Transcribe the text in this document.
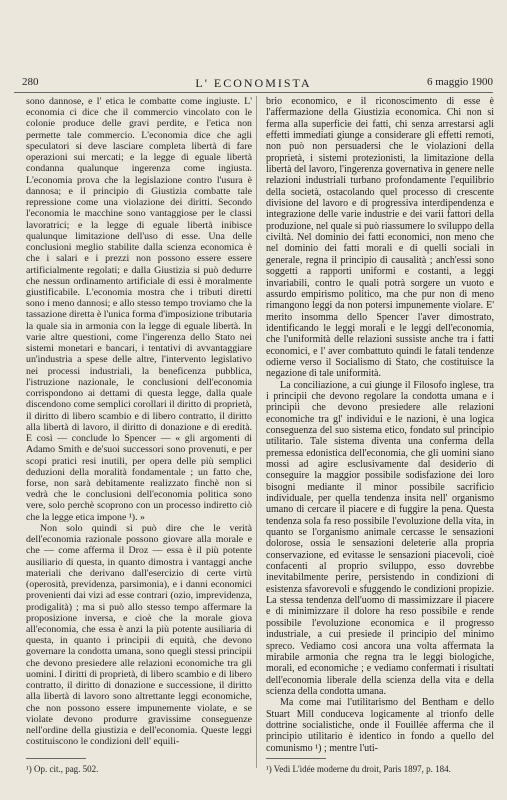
280	L' ECONOMISTA	6 maggio 1900

sono dannose, e l' etica le combatte come ingiuste. L' economia ci dice che il commercio vincolato con le colonie produce delle gravi perdite, e l'etica non permette tale commercio. L'economia dice che agli speculatori si deve lasciare completa libertà di fare operazioni sui mercati; e la legge di eguale libertà condanna qualunque ingerenza come ingiusta. L'economia prova che la legislazione contro l'usura è dannosa; e il principio di Giustizia combatte tale repressione come una violazione dei diritti. Secondo l'economia le macchine sono vantaggiose per le classi lavoratrici; e la legge di eguale libertà inibisce qualunque limitazione dell'uso di esse. Una delle conclusioni meglio stabilite dalla scienza economica è che i salari e i prezzi non possono essere essere artificialmente regolati; e dalla Giustizia si può dedurre che nessun ordinamento artificiale di essi è moralmente giustificabile. L'economia mostra che i tributi diretti sono i meno dannosi; e allo stesso tempo troviamo che la tassazione diretta è l'unica forma d'imposizione tributaria la quale sia in armonia con la legge di eguale libertà. In varie altre questioni, come l'ingerenza dello Stato nei sistemi monetari e bancari, i tentativi di avvantaggiare un'industria a spese delle altre, l'intervento legislativo nei processi industriali, la beneficenza pubblica, l'istruzione nazionale, le conclusioni dell'economia corrispondono ai dettami di questa legge, dalla quale discendono come semplici corollari il diritto di proprietà, il diritto di libero scambio e di libero contratto, il diritto alla libertà di lavoro, il diritto di donazione e di eredità. E così — conclude lo Spencer — « gli argomenti di Adamo Smith e de'suoi successori sono provenuti, e per scopi pratici resi inutili, per opera delle più semplici deduzioni della moralità fondamentale ; un fatto che, forse, non sarà debitamente realizzato finchè non si vedrà che le conclusioni dell'economia politica sono vere, solo perchè scoprono con un processo indiretto ciò che la legge etica impone ¹). »

Non solo quindi si può dire che le verità dell'economia razionale possono giovare alla morale e che — come afferma il Droz — essa è il più potente ausiliario di questa, in quanto dimostra i vantaggi anche materiali che derivano dall'esercizio di certe virtù (operosità, previdenza, parsimonia), e i danni economici provenienti dai vizi ad esse contrari (ozio, imprevidenza, prodigalità) ; ma si può allo stesso tempo affermare la proposizione inversa, e cioè che la morale giova all'economia, che essa è anzi la più potente ausiliaria di questa, in quanto i principii di equità, che devono governare la condotta umana, sono quegli stessi principii che devono presiedere alle relazioni economiche tra gli uomini. I diritti di proprietà, di libero scambio e di libero contratto, il diritto di donazione e successione, il diritto alla libertà di lavoro sono altrettante leggi economiche, che non possono essere impunemente violate, e se violate devono produrre gravissime conseguenze nell'ordine della giustizia e dell'economia. Queste leggi costituiscono le condizioni dell' equili-

brio economico, e il riconoscimento di esse è l'affermazione della Giustizia economica. Chi non si ferma alla superficie dei fatti, chi senza arrestarsi agli effetti immediati giunge a considerare gli effetti remoti, non può non persuadersi che le violazioni della proprietà, i sistemi protezionisti, la limitazione della libertà del lavoro, l'ingerenza governativa in genere nelle relazioni industriali turbano profondamente l'equilibrio della società, ostacolando quel processo di crescente divisione del lavoro e di progressiva interdipendenza e integrazione delle varie industrie e dei varii fattori della produzione, nel quale si può riassumere lo sviluppo della civiltà. Nel dominio dei fatti economici, non meno che nel dominio dei fatti morali e di quelli sociali in generale, regna il principio di causalità ; anch'essi sono soggetti a rapporti uniformi e costanti, a leggi invariabili, contro le quali potrà sorgere un vuoto e assurdo empirismo politico, ma che pur non di meno rimangono leggi da non potersi impunemente violare. E' merito insomma dello Spencer l'aver dimostrato, identificando le leggi morali e le leggi dell'economia, che l'uniformità delle relazioni sussiste anche tra i fatti economici, e l' aver combattuto quindi le fatali tendenze odierne verso il Socialismo di Stato, che costituisce la negazione di tale uniformità.

La conciliazione, a cui giunge il Filosofo inglese, tra i principii che devono regolare la condotta umana e i principii che devono presiedere alle relazioni economiche tra gl' individui e le nazioni, è una logica conseguenza del suo sistema etico, fondato sul principio utilitario. Tale sistema diventa una conferma della premessa edonistica dell'economia, che gli uomini siano mossi ad agire esclusivamente dal desiderio di conseguire la maggior possibile sodisfazione dei loro bisogni mediante il minor possibile sacrificio individuale, per quella tendenza insita nell' organismo umano di cercare il piacere e di fuggire la pena. Questa tendenza sola fa reso possibile l'evoluzione della vita, in quanto se l'organismo animale cercasse le sensazioni dolorose, ossia le sensazioni deleterie alla propria conservazione, ed evitasse le sensazioni piacevoli, cioè confacenti al proprio sviluppo, esso dovrebbe inevitabilmente perire, persistendo in condizioni di esistenza sfavorevoli e sfuggendo le condizioni propizie. La stessa tendenza dell'uomo di massimizzare il piacere e di minimizzare il dolore ha reso possibile e rende possibile l'evoluzione economica e il progresso industriale, a cui presiede il principio del minimo spreco. Vediamo così ancora una volta affermata la mirabile armonia che regna tra le leggi biologiche, morali, ed economiche ; e vediamo confermati i risultati dell'economia liberale della scienza della vita e della scienza della condotta umana.

Ma come mai l'utilitarismo del Bentham e dello Stuart Mill conduceva logicamente al trionfo delle dottrine socialistiche, onde il Fouillée afferma che il principio utilitario è identico in fondo a quello del comunismo ¹) ; mentre l'uti-

¹) Op. cit., pag. 502.	¹) Vedi L'idée moderne du droit, Paris 1897, p. 184.
